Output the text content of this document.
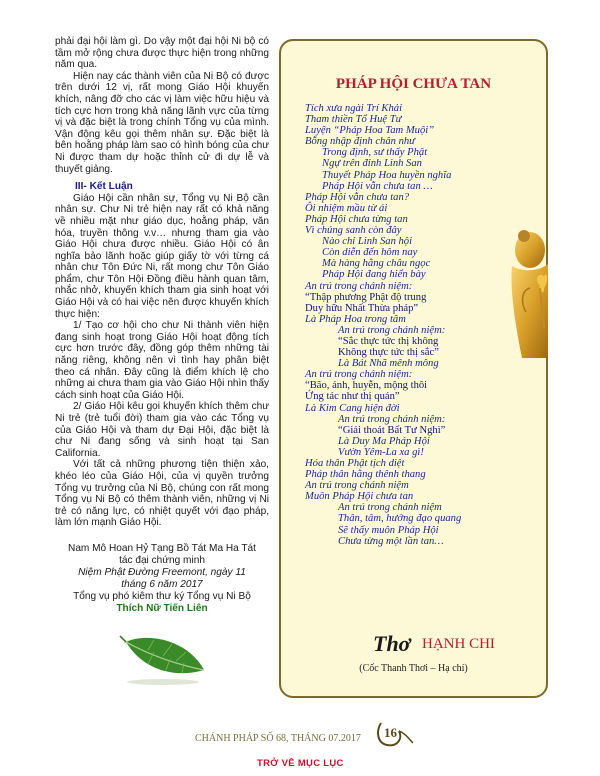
phải đại hội làm gì. Do vậy một đại hội Ni bộ có tầm mở rộng chưa được thực hiện trong những năm qua.

Hiện nay các thành viên của Ni Bộ có được trên dưới 12 vị, rất mong Giáo Hội khuyến khích, nâng đỡ cho các vị làm việc hữu hiệu và tích cực hơn trong khả năng lãnh vực của từng vị và đặc biệt là trong chính Tổng vụ của mình. Vận động kêu gọi thêm nhân sự. Đặc biệt là bên hoằng pháp làm sao có hình bóng của chư Ni được tham dự hoặc thỉnh cử đi dự lễ và thuyết giảng.

III- Kết Luận

Giáo Hội cần nhân sự, Tổng vụ Ni Bộ cần nhân sự. Chư Ni trẻ hiện nay rất có khả năng về nhiều mặt như giáo dục, hoằng pháp, văn hóa, truyền thông v.v… nhưng tham gia vào Giáo Hội chưa được nhiều. Giáo Hội có ân nghĩa bảo lãnh hoặc giúp giấy tờ với từng cá nhân chư Tôn Đức Ni, rất mong chư Tôn Giáo phẩm, chư Tôn Hội Đồng điều hành quan tâm, nhắc nhở, khuyến khích tham gia sinh hoạt với Giáo Hội và có hai việc nên được khuyến khích thực hiện:

1/ Tạo cơ hội cho chư Ni thành viên hiện đang sinh hoạt trong Giáo Hội hoạt động tích cực hơn trước đây, đồng góp thêm những tài năng riêng, không nên vì tình hay phân biệt theo cá nhân. Đây cũng là điểm khích lệ cho những ai chưa tham gia vào Giáo Hội nhìn thấy cách sinh hoạt của Giáo Hội.

2/ Giáo Hội kêu gọi khuyến khích thêm chư Ni trẻ (trẻ tuổi đời) tham gia vào các Tổng vụ của Giáo Hội và tham dự Đại Hội, đặc biệt là chư Ni đang sống và sinh hoạt tại San California.

Với tất cả những phương tiện thiện xảo, khéo léo của Giáo Hội, của vị quyền trưởng Tổng vụ trưởng của Ni Bộ, chúng con rất mong Tổng vụ Ni Bộ có thêm thành viên, những vị Ni trẻ có năng lực, có nhiệt quyết với đạo pháp, làm lớn mạnh Giáo Hội.

Nam Mô Hoan Hỷ Tạng Bồ Tát Ma Ha Tát
tác đại chứng minh
Niệm Phật Đường Freemont, ngày 11
tháng 6 năm 2017
Tổng vụ phó kiêm thư ký Tổng vụ Ni Bộ
Thích Nữ Tiến Liên
PHÁP HỘI CHƯA TAN
Tích xưa ngài Trí Khải
Tham thiền Tổ Huệ Tư
Luyện “Pháp Hoa Tam Muội”
Bỗng nhập định chân như
Trong định, sư thấy Phật
Ngự trên đỉnh Linh San
Thuyết Pháp Hoa huyền nghĩa
Pháp Hội vẫn chưa tan …
Pháp Hội vẫn chưa tan?
Ôi nhiệm mầu từ ái
Pháp Hội chưa từng tan
Vì chúng sanh còn đây
Nào chỉ Linh San hội
Còn diễn đến hôm nay
Mà hàng hằng châu ngọc
Pháp Hội đang hiển bày
An trú trong chánh niệm:
“Thập phương Phật độ trung
Duy hữu Nhất Thừa pháp”
Là Pháp Hoa trong tâm
An trú trong chánh niệm:
“Sắc thực tức thị không
Không thực tức thị sắc”
Là Bát Nhã mênh mông
An trú trong chánh niệm:
“Bão, ảnh, huyễn, mộng thôi
Ứng tác như thị quán”
Là Kim Cang hiện đời
An trú trong chánh niệm:
“Giải thoát Bất Tư Nghì”
Là Duy Ma Pháp Hội
Vườn Yêm-La xa gì!
Hóa thân Phật tịch diệt
Pháp thân hằng thênh thang
An trú trong chánh niệm
Muôn Pháp Hội chưa tan
An trú trong chánh niệm
Thân, tâm, hướng đạo quang
Sẽ thấy muôn Pháp Hội
Chưa từng một lần tan…
Thơ HẠNH CHI
(Cốc Thanh Thơi – Hạ chí)
CHÁNH PHÁP SỐ 68, THÁNG 07.2017 16
TRỞ VỀ MỤC LỤC
